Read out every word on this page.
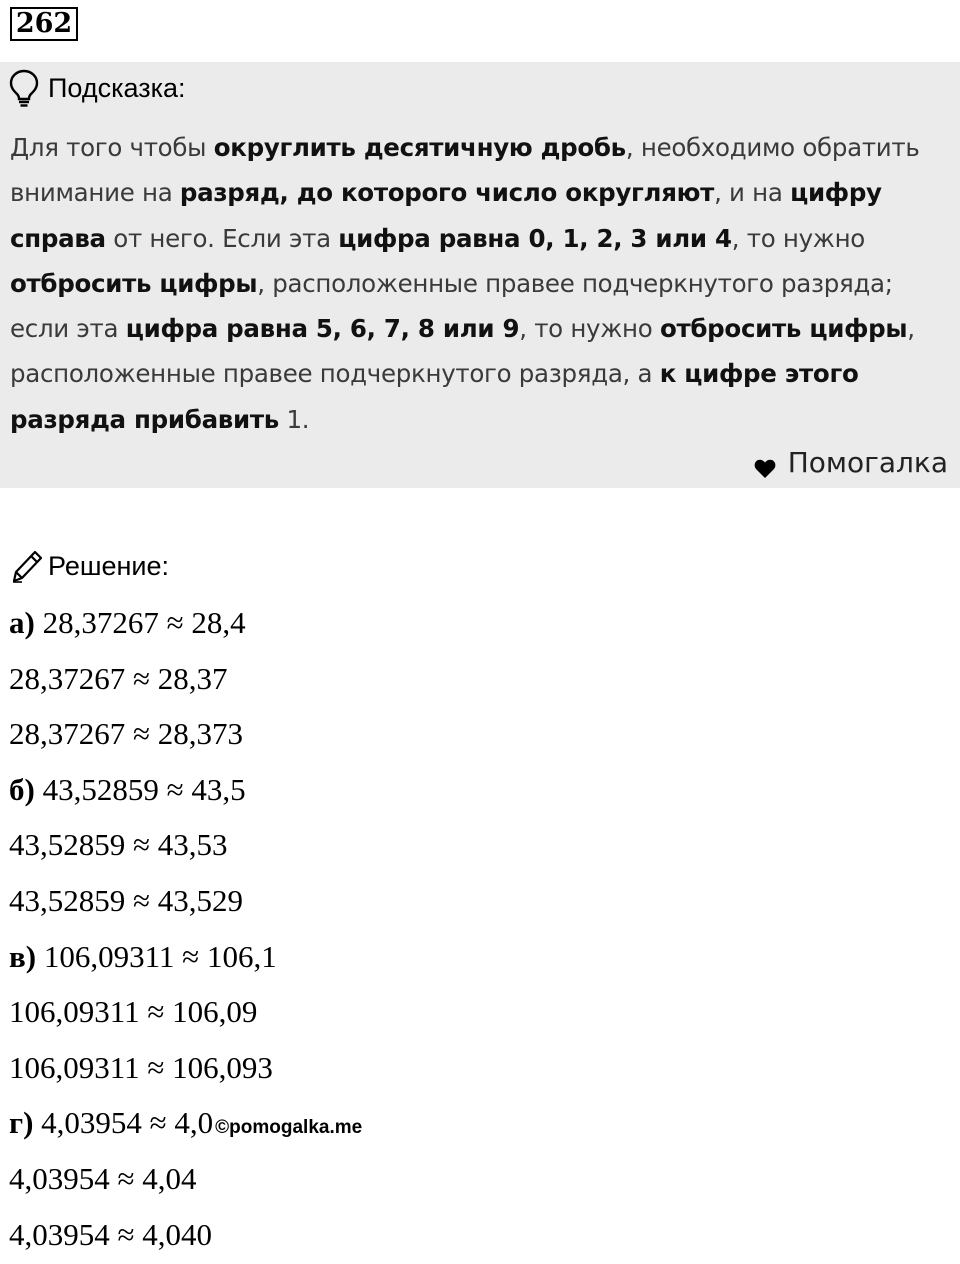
262
Подсказка:
Для того чтобы округлить десятичную дробь, необходимо обратить внимание на разряд, до которого число округляют, и на цифру справа от него. Если эта цифра равна 0, 1, 2, 3 или 4, то нужно отбросить цифры, расположенные правее подчеркнутого разряда; если эта цифра равна 5, 6, 7, 8 или 9, то нужно отбросить цифры, расположенные правее подчеркнутого разряда, а к цифре этого разряда прибавить 1.
Помогалка
Решение:
а) 28,37267 ≈ 28,4
28,37267 ≈ 28,37
28,37267 ≈ 28,373
б) 43,52859 ≈ 43,5
43,52859 ≈ 43,53
43,52859 ≈ 43,529
в) 106,09311 ≈ 106,1
106,09311 ≈ 106,09
106,09311 ≈ 106,093
г) 4,03954 ≈ 4,0 ©pomogalka.me
4,03954 ≈ 4,04
4,03954 ≈ 4,040
